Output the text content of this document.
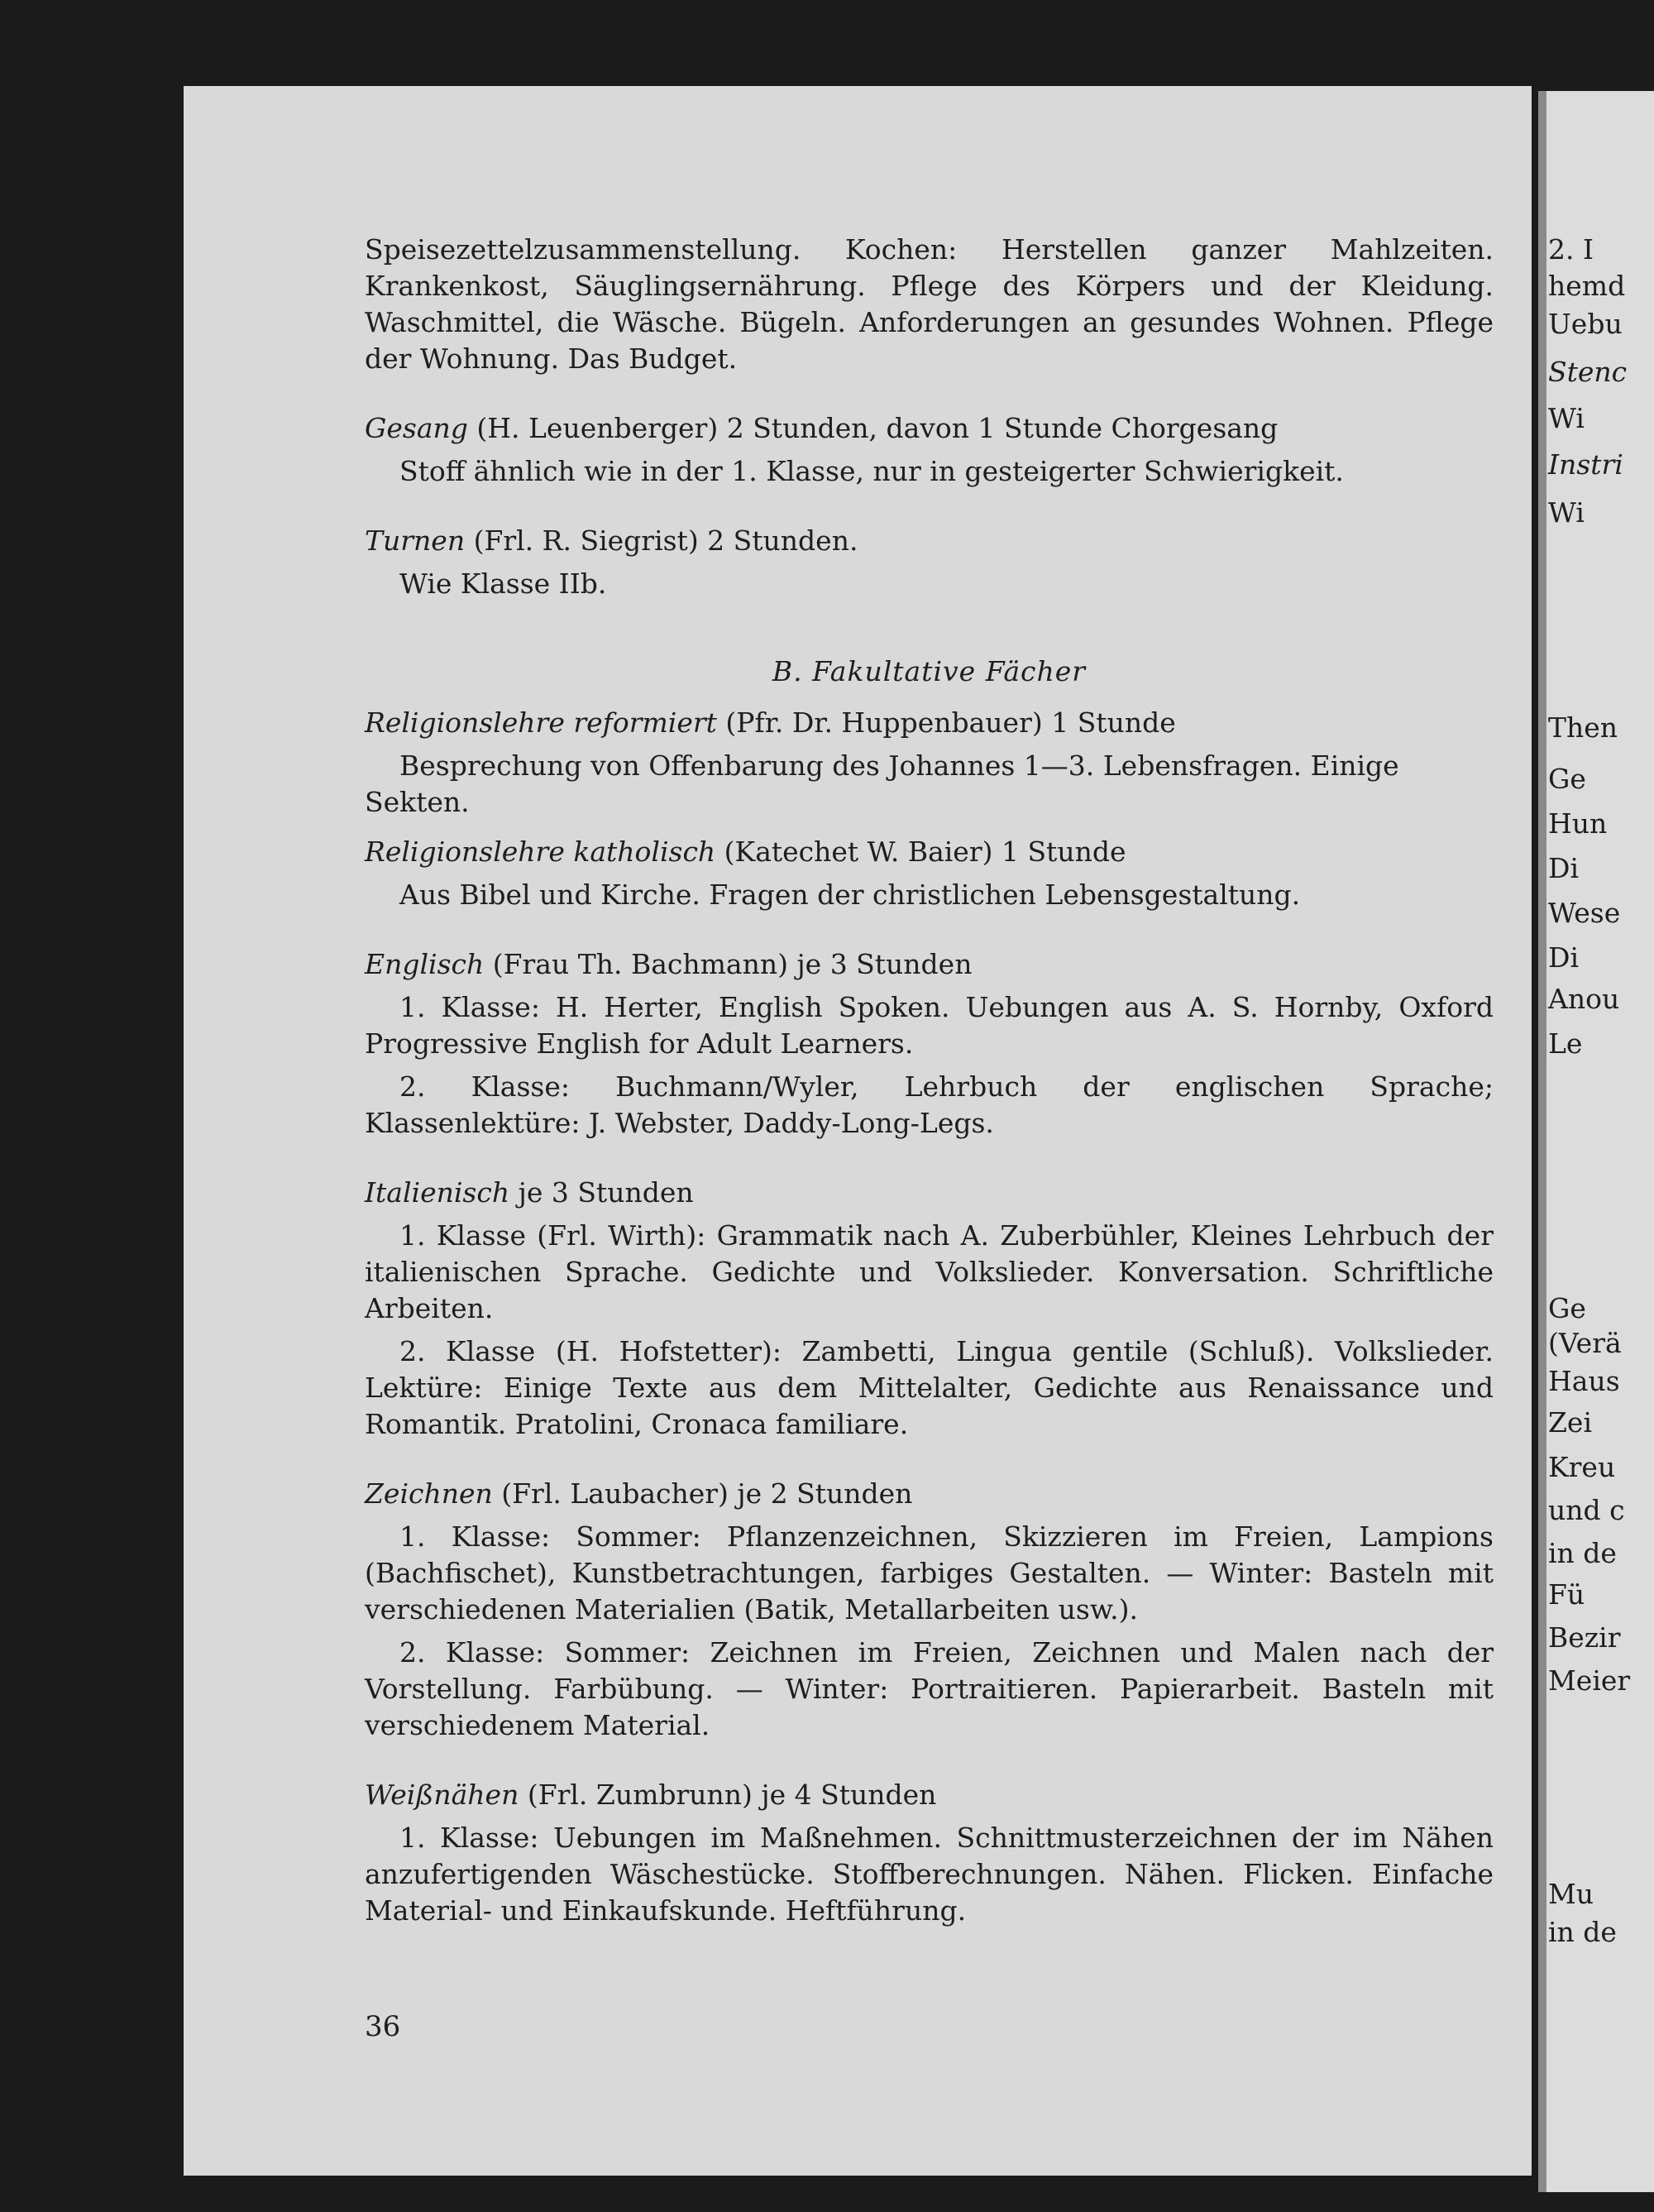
Speisezettelzusammenstellung. Kochen: Herstellen ganzer Mahlzeiten. Krankenkost, Säuglingsernährung. Pflege des Körpers und der Kleidung. Waschmittel, die Wäsche. Bügeln. Anforderungen an gesundes Wohnen. Pflege der Wohnung. Das Budget.

Gesang (H. Leuenberger) 2 Stunden, davon 1 Stunde Chorgesang

Stoff ähnlich wie in der 1. Klasse, nur in gesteigerter Schwierigkeit.

Turnen (Frl. R. Siegrist) 2 Stunden.

Wie Klasse IIb.

B. Fakultative Fächer

Religionslehre reformiert (Pfr. Dr. Huppenbauer) 1 Stunde

Besprechung von Offenbarung des Johannes 1—3. Lebensfragen. Einige Sekten.

Religionslehre katholisch (Katechet W. Baier) 1 Stunde

Aus Bibel und Kirche. Fragen der christlichen Lebensgestaltung.

Englisch (Frau Th. Bachmann) je 3 Stunden

1. Klasse: H. Herter, English Spoken. Uebungen aus A. S. Hornby, Oxford Progressive English for Adult Learners.

2. Klasse: Buchmann/Wyler, Lehrbuch der englischen Sprache; Klassenlektüre: J. Webster, Daddy-Long-Legs.

Italienisch je 3 Stunden

1. Klasse (Frl. Wirth): Grammatik nach A. Zuberbühler, Kleines Lehrbuch der italienischen Sprache. Gedichte und Volkslieder. Konversation. Schriftliche Arbeiten.

2. Klasse (H. Hofstetter): Zambetti, Lingua gentile (Schluß). Volkslieder. Lektüre: Einige Texte aus dem Mittelalter, Gedichte aus Renaissance und Romantik. Pratolini, Cronaca familiare.

Zeichnen (Frl. Laubacher) je 2 Stunden

1. Klasse: Sommer: Pflanzenzeichnen, Skizzieren im Freien, Lampions (Bachfischet), Kunstbetrachtungen, farbiges Gestalten. — Winter: Basteln mit verschiedenen Materialien (Batik, Metallarbeiten usw.).

2. Klasse: Sommer: Zeichnen im Freien, Zeichnen und Malen nach der Vorstellung. Farbübung. — Winter: Portraitieren. Papierarbeit. Basteln mit verschiedenem Material.

Weißnähen (Frl. Zumbrunn) je 4 Stunden

1. Klasse: Uebungen im Maßnehmen. Schnittmusterzeichnen der im Nähen anzufertigenden Wäschestücke. Stoffberechnungen. Nähen. Flicken. Einfache Material- und Einkaufskunde. Heftführung.

36
2. I
hemd
Uebu
Stenc
Wi
Instri
Wi
Then
Ge
Hun
Di
Wese
Di
Anou
Le
Ge
(Verä
Haus
Zei
Kreu
und c
in de
Fü
Bezir
Meier
Mu
in de
